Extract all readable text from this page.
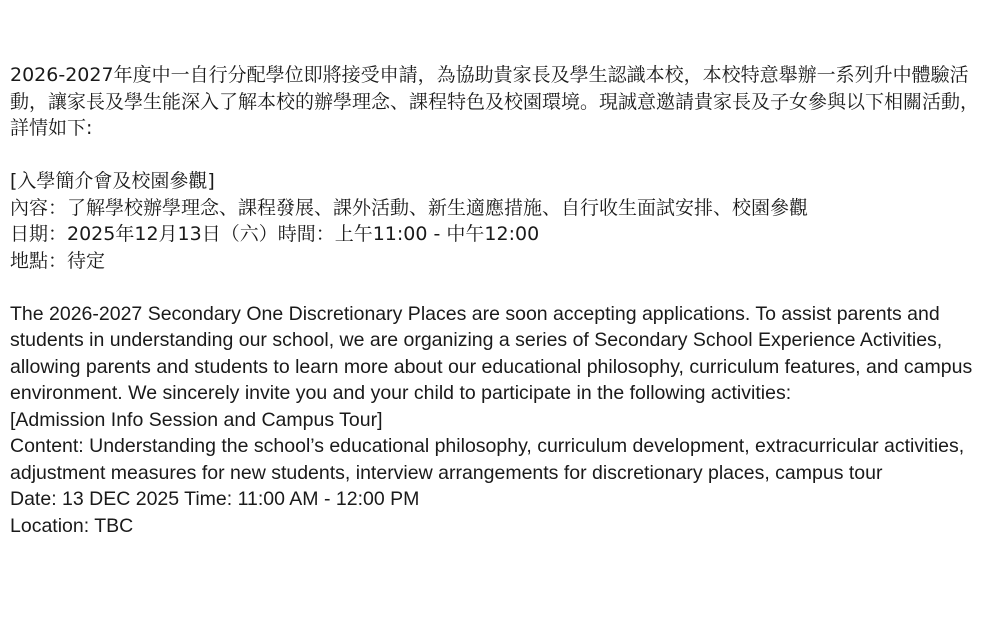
2026-2027年度中一自行分配學位即將接受申請，為協助貴家長及學生認識本校，本校特意舉辦一系列升中體驗活動，讓家長及學生能深入了解本校的辦學理念、課程特色及校園環境。現誠意邀請貴家長及子女參與以下相關活動，詳情如下:

[入學簡介會及校園參觀]

內容：了解學校辦學理念、課程發展、課外活動、新生適應措施、自行收生面試安排、校園參觀

日期：2025年12月13日（六）時間：上午11:00 - 中午12:00

地點：待定

The 2026-2027 Secondary One Discretionary Places are soon accepting applications. To assist parents and students in understanding our school, we are organizing a series of Secondary School Experience Activities, allowing parents and students to learn more about our educational philosophy, curriculum features, and campus environment. We sincerely invite you and your child to participate in the following activities:

[Admission Info Session and Campus Tour]

Content: Understanding the school’s educational philosophy, curriculum development, extracurricular activities, adjustment measures for new students, interview arrangements for discretionary places, campus tour

Date: 13 DEC 2025 Time: 11:00 AM - 12:00 PM

Location: TBC
